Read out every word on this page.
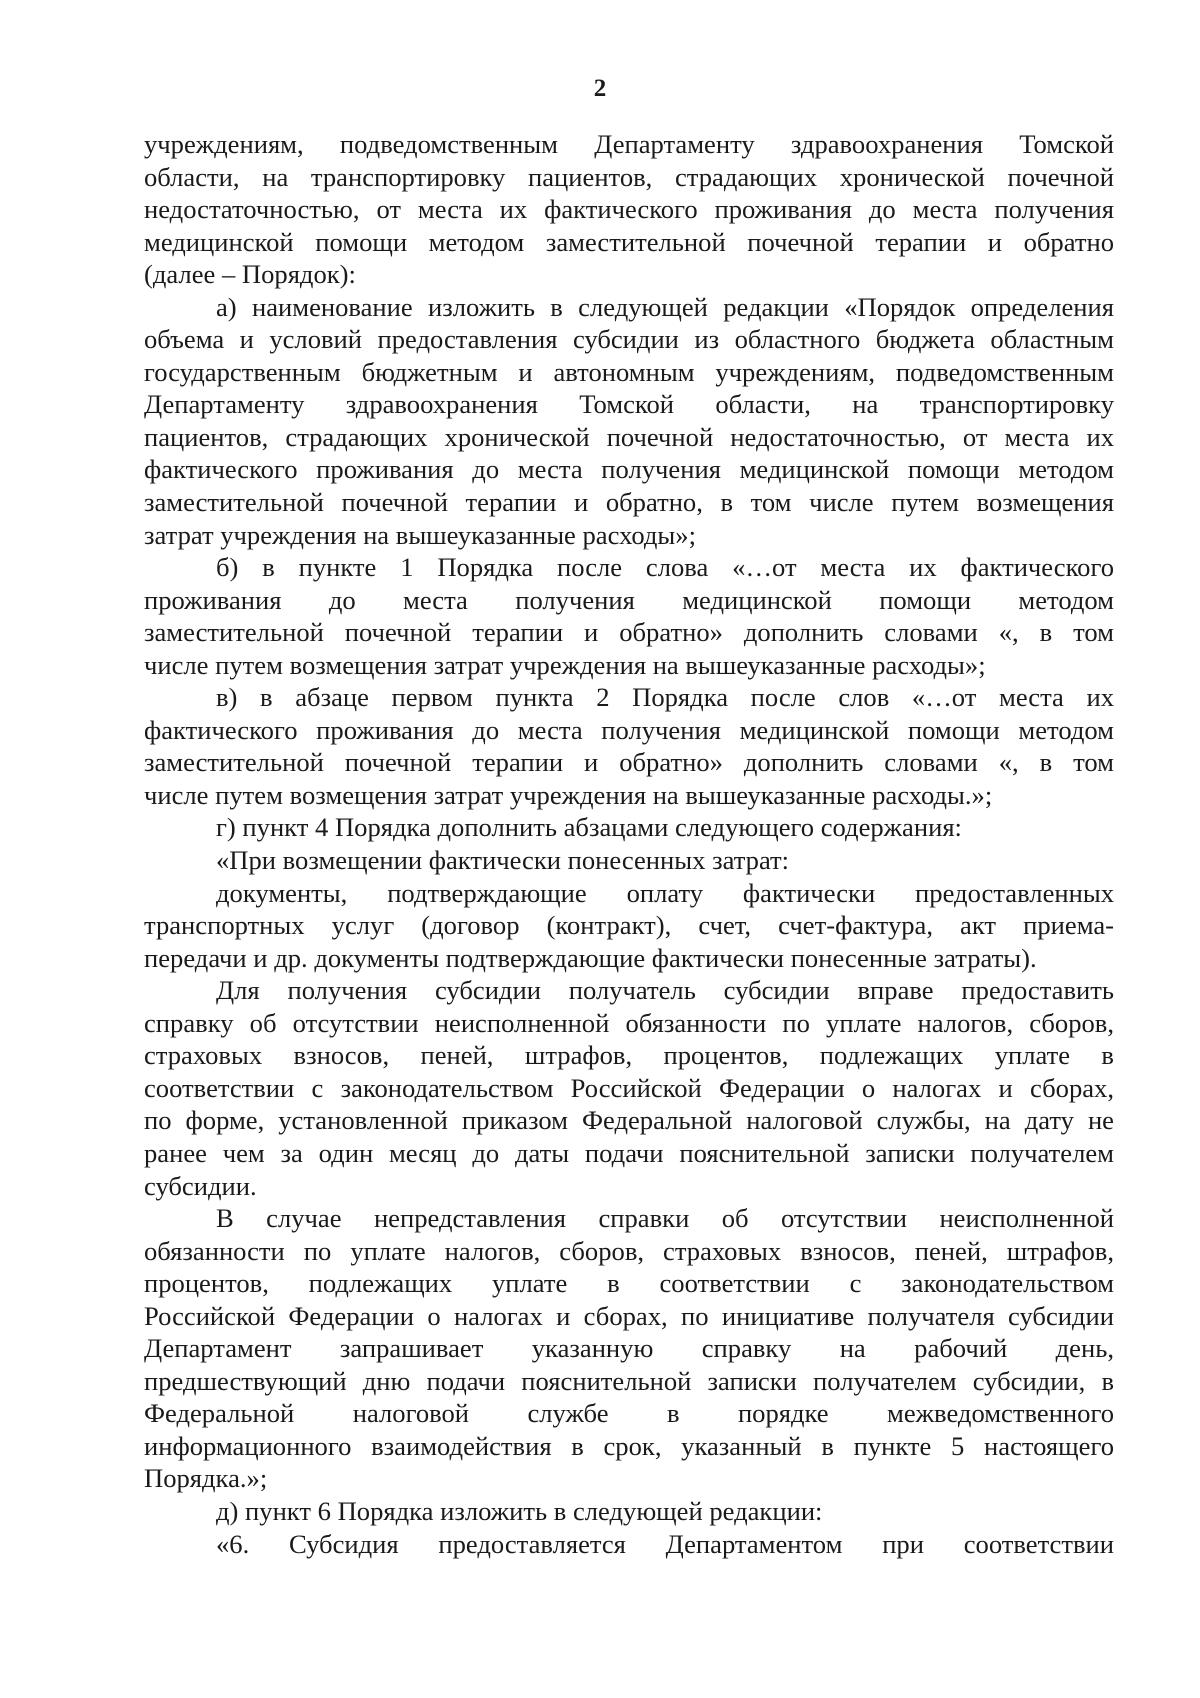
2

учреждениям, подведомственным Департаменту здравоохранения Томской

области, на транспортировку пациентов, страдающих хронической почечной

недостаточностью, от места их фактического проживания до места получения

медицинской помощи методом заместительной почечной терапии и обратно

(далее – Порядок):

а) наименование изложить в следующей редакции «Порядок определения

объема и условий предоставления субсидии из областного бюджета областным

государственным бюджетным и автономным учреждениям, подведомственным

Департаменту здравоохранения Томской области, на транспортировку

пациентов, страдающих хронической почечной недостаточностью, от места их

фактического проживания до места получения медицинской помощи методом

заместительной почечной терапии и обратно, в том числе путем возмещения

затрат учреждения на вышеуказанные расходы»;

б) в пункте 1 Порядка после слова «…от места их фактического

проживания до места получения медицинской помощи методом

заместительной почечной терапии и обратно» дополнить словами «, в том

числе путем возмещения затрат учреждения на вышеуказанные расходы»;

в) в абзаце первом пункта 2 Порядка после слов «…от места их

фактического проживания до места получения медицинской помощи методом

заместительной почечной терапии и обратно» дополнить словами «, в том

числе путем возмещения затрат учреждения на вышеуказанные расходы.»;

г) пункт 4 Порядка дополнить абзацами следующего содержания:

«При возмещении фактически понесенных затрат:

документы, подтверждающие оплату фактически предоставленных

транспортных услуг (договор (контракт), счет, счет-фактура, акт приема-

передачи и др. документы подтверждающие фактически понесенные затраты).

Для получения субсидии получатель субсидии вправе предоставить

справку об отсутствии неисполненной обязанности по уплате налогов, сборов,

страховых взносов, пеней, штрафов, процентов, подлежащих уплате в

соответствии с законодательством Российской Федерации о налогах и сборах,

по форме, установленной приказом Федеральной налоговой службы, на дату не

ранее чем за один месяц до даты подачи пояснительной записки получателем

субсидии.

В случае непредставления справки об отсутствии неисполненной

обязанности по уплате налогов, сборов, страховых взносов, пеней, штрафов,

процентов, подлежащих уплате в соответствии с законодательством

Российской Федерации о налогах и сборах, по инициативе получателя субсидии

Департамент запрашивает указанную справку на рабочий день,

предшествующий дню подачи пояснительной записки получателем субсидии, в

Федеральной налоговой службе в порядке межведомственного

информационного взаимодействия в срок, указанный в пункте 5 настоящего

Порядка.»;

д) пункт 6 Порядка изложить в следующей редакции:

«6. Субсидия предоставляется Департаментом при соответствии
